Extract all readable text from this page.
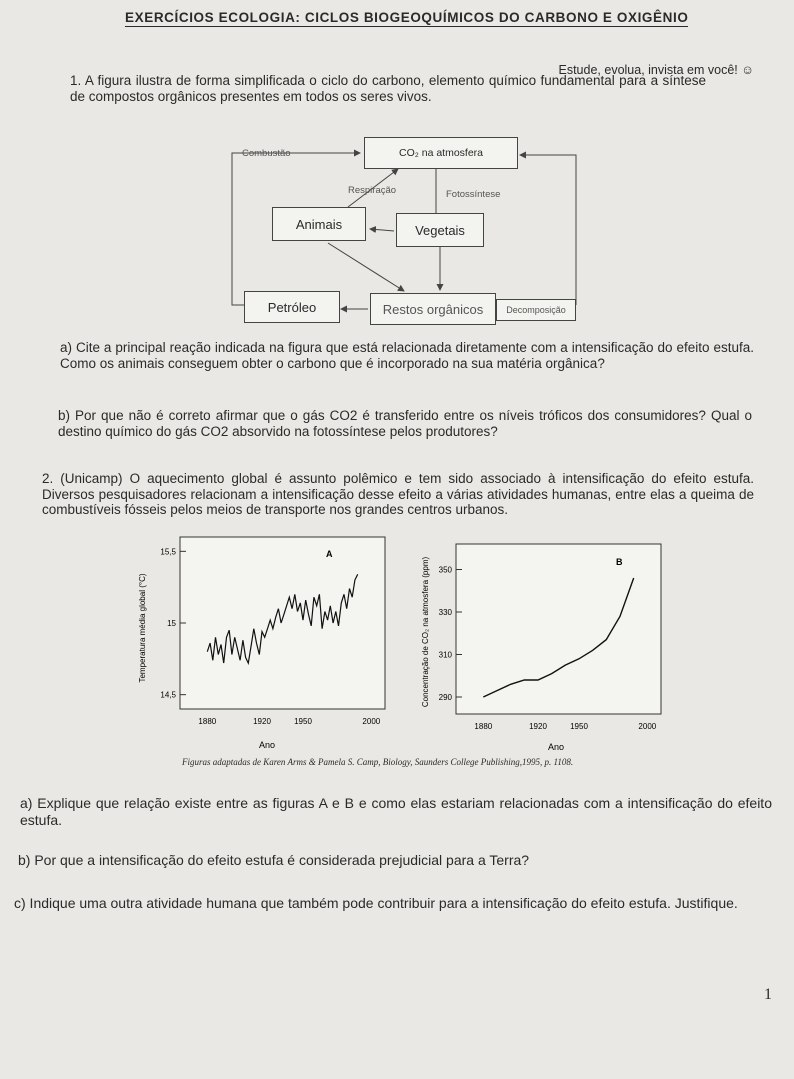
EXERCÍCIOS ECOLOGIA: CICLOS BIOGEOQUÍMICOS DO CARBONO E OXIGÊNIO
Estude, evolua, invista em você! ☺
1. A figura ilustra de forma simplificada o ciclo do carbono, elemento químico fundamental para a síntese de compostos orgânicos presentes em todos os seres vivos.
Combustão	CO₂ na atmosfera
Respiração	Fotossíntese
Animais	Vegetais
Petróleo	Restos orgânicos	Decomposição
a) Cite a principal reação indicada na figura que está relacionada diretamente com a intensificação do efeito estufa. Como os animais conseguem obter o carbono que é incorporado na sua matéria orgânica?
b) Por que não é correto afirmar que o gás CO2 é transferido entre os níveis tróficos dos consumidores? Qual o destino químico do gás CO2 absorvido na fotossíntese pelos produtores?
2. (Unicamp) O aquecimento global é assunto polêmico e tem sido associado à intensificação do efeito estufa. Diversos pesquisadores relacionam a intensificação desse efeito a várias atividades humanas, entre elas a queima de combustíveis fósseis pelos meios de transporte nos grandes centros urbanos.
A
14,5
15
15,5
1880	1920	1950	2000
Ano
Temperatura média global (°C)
B
290
310
330
350
1880	1920	1950	2000
Ano
Concentração de CO₂ na atmosfera (ppm)
Figuras adaptadas de Karen Arms & Pamela S. Camp, Biology, Saunders College Publishing,1995, p. 1108.
a) Explique que relação existe entre as figuras A e B e como elas estariam relacionadas com a intensificação do efeito estufa.
b) Por que a intensificação do efeito estufa é considerada prejudicial para a Terra?
c) Indique uma outra atividade humana que também pode contribuir para a intensificação do efeito estufa. Justifique.
1
